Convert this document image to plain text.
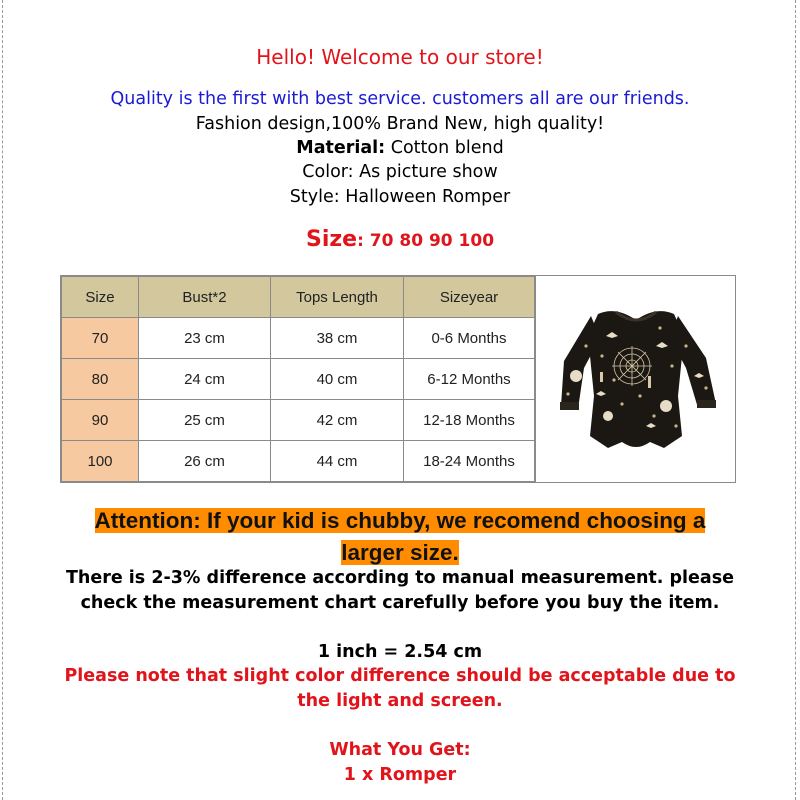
Hello! Welcome to our store!
Quality is the first with best service. customers all are our friends.
Fashion design,100% Brand New, high quality!
Material: Cotton blend
Color: As picture show
Style: Halloween Romper
Size: 70 80 90 100
Size	Bust*2	Tops Length	Sizeyear
70	23 cm	38 cm	0-6 Months
80	24 cm	40 cm	6-12 Months
90	25 cm	42 cm	12-18 Months
100	26 cm	44 cm	18-24 Months
Attention: If your kid is chubby, we recomend choosing a
larger size.
There is 2-3% difference according to manual measurement. please check the measurement chart carefully before you buy the item.
1 inch = 2.54 cm
Please note that slight color difference should be acceptable due to the light and screen.
What You Get:
1 x Romper
